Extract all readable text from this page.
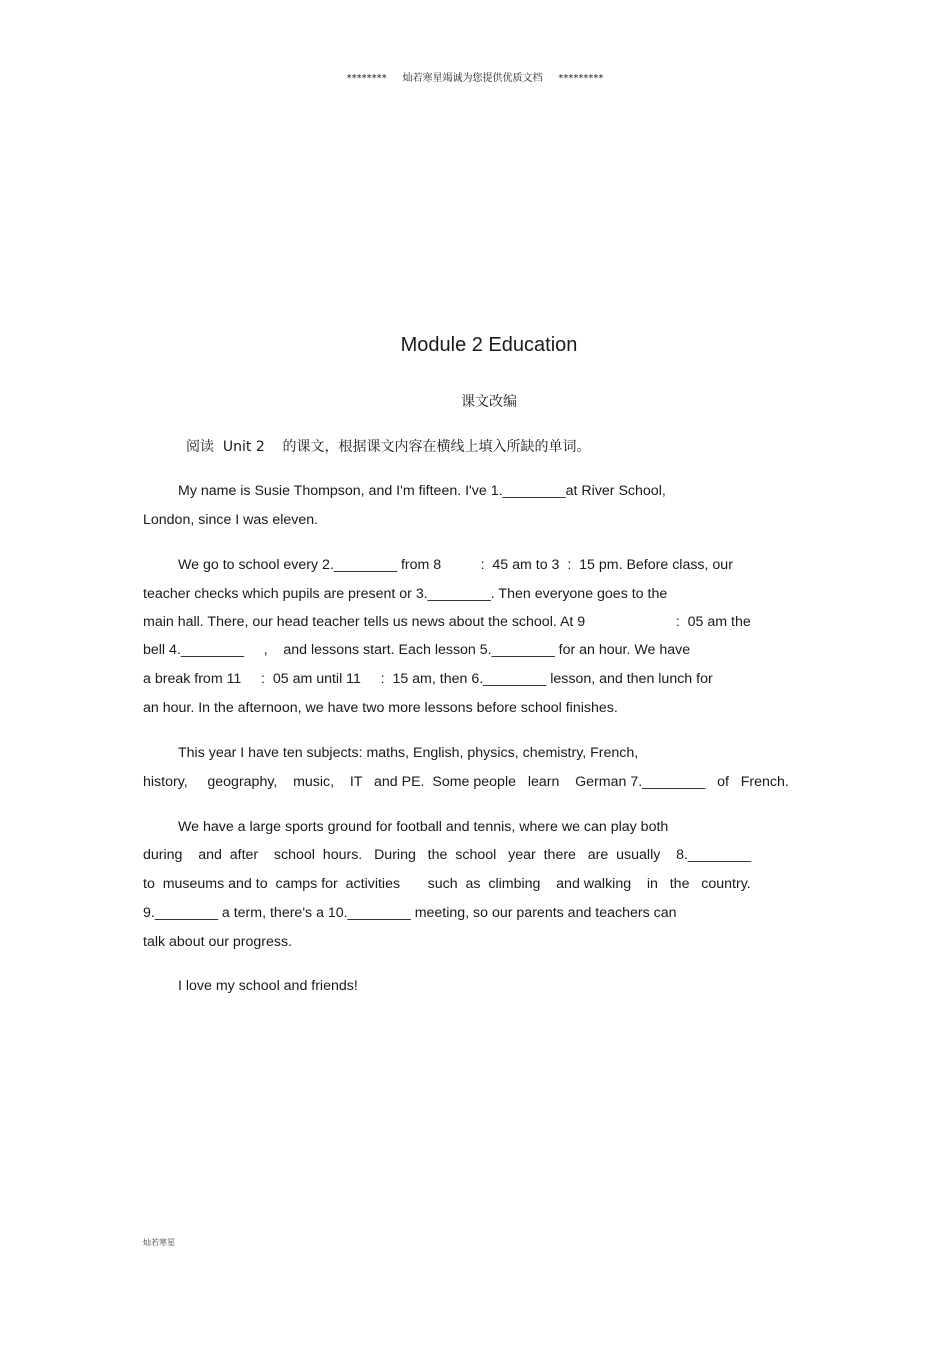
********     灿若寒星竭诚为您提供优质文档     *********
Module 2 Education
课文改编
阅读  Unit 2    的课文，根据课文内容在横线上填入所缺的单词。
My name is Susie Thompson, and I'm fifteen. I've 1.________at River School,
London, since I was eleven.
We go to school every 2.________ from 8          :  45 am to 3  :  15 pm. Before class, our
teacher checks which pupils are present or 3.________. Then everyone goes to the
main hall. There, our head teacher tells us news about the school. At 9                       :  05 am the
bell 4.________     ,    and lessons start. Each lesson 5.________ for an hour. We have
a break from 11     :  05 am until 11     :  15 am, then 6.________ lesson, and then lunch for
an hour. In the afternoon, we have two more lessons before school finishes.
This year I have ten subjects: maths, English, physics, chemistry, French,
history,     geography,    music,    IT   and PE.  Some people   learn    German 7.________   of   French.
We have a large sports ground for football and tennis, where we can play both
during    and  after    school  hours.   During   the  school   year  there   are  usually    8.________
to  museums and to  camps for  activities       such  as  climbing    and walking    in   the   country.
9.________ a term, there's a 10.________ meeting, so our parents and teachers can
talk about our progress.
I love my school and friends!
灿若寒星
